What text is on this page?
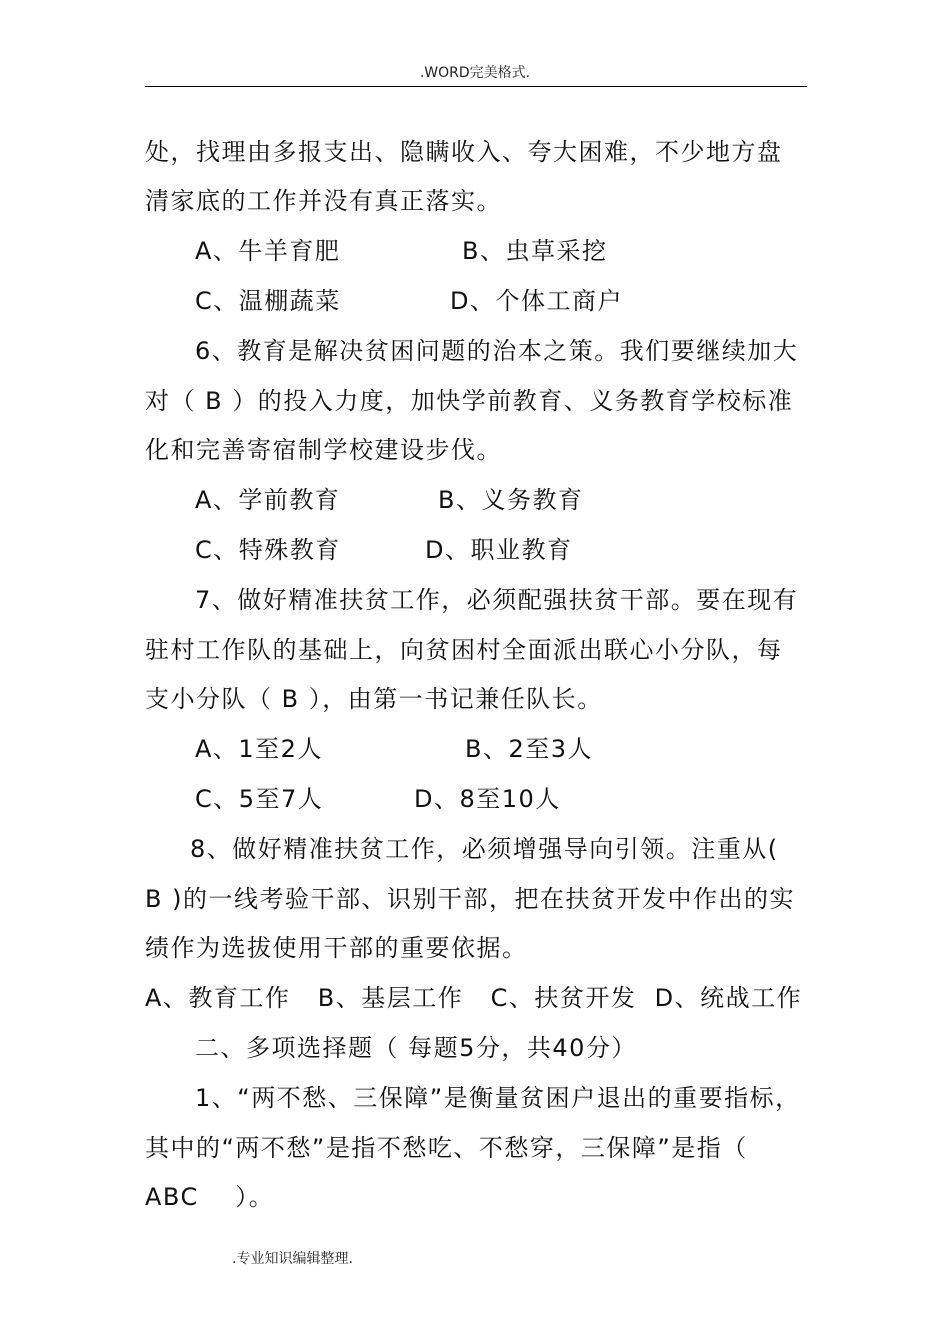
.WORD完美格式.
处，找理由多报支出、隐瞒收入、夸大困难，不少地方盘
清家底的工作并没有真正落实。
A、牛羊育肥	B、虫草采挖
C、温棚蔬菜	D、个体工商户
6、教育是解决贫困问题的治本之策。我们要继续加大
对（ B ）的投入力度，加快学前教育、义务教育学校标准
化和完善寄宿制学校建设步伐。
A、学前教育	B、义务教育
C、特殊教育	D、职业教育
7、做好精准扶贫工作，必须配强扶贫干部。要在现有
驻村工作队的基础上，向贫困村全面派出联心小分队，每
支小分队（ B ），由第一书记兼任队长。
A、1至2人	B、2至3人
C、5至7人	D、8至10人
8、做好精准扶贫工作，必须增强导向引领。注重从(
B )的一线考验干部、识别干部，把在扶贫开发中作出的实
绩作为选拔使用干部的重要依据。
A、教育工作   B、基层工作   C、扶贫开发  D、统战工作
二、多项选择题（ 每题5分，共40分）
1、“两不愁、三保障”是衡量贫困户退出的重要指标，
其中的“两不愁”是指不愁吃、不愁穿，三保障”是指（
ABC    ）。
.专业知识编辑整理.
